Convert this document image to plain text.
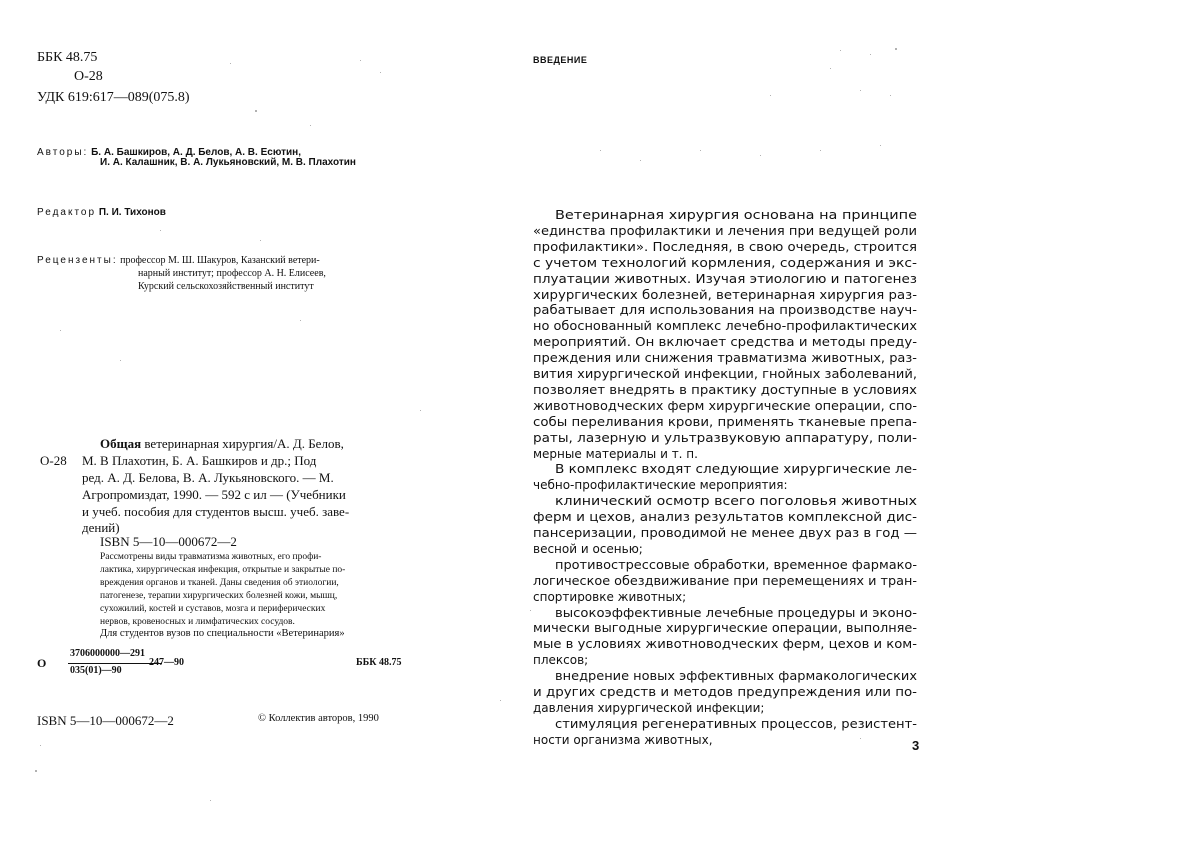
ББК 48.75
О-28
УДК 619:617—089(075.8)
Авторы: Б. А. Башкиров, А. Д. Белов, А. В. Есютин,
И. А. Калашник, В. А. Лукьяновский, М. В. Плахотин
Редактор П. И. Тихонов
Рецензенты: профессор М. Ш. Шакуров, Казанский ветери-
нарный институт; профессор А. Н. Елисеев,
Курский сельскохозяйственный институт
Общая ветеринарная хирургия/А. Д. Белов,
О-28 М. В Плахотин, Б. А. Башкиров и др.; Под
ред. А. Д. Белова, В. А. Лукьяновского. — М.
Агропромиздат, 1990. — 592 с ил — (Учебники
и учеб. пособия для студентов высш. учеб. заве-
дений)
ISBN 5—10—000672—2
Рассмотрены виды травматизма животных, его профи-
лактика, хирургическая инфекция, открытые и закрытые по-
вреждения органов и тканей. Даны сведения об этиологии,
патогенезе, терапии хирургических болезней кожи, мышц,
сухожилий, костей и суставов, мозга и периферических
нервов, кровеносных и лимфатических сосудов.
Для студентов вузов по специальности «Ветеринария»
О
3706000000—291
035(01)—90
247—90	ББК 48.75
ISBN 5—10—000672—2	© Коллектив авторов, 1990
ВВЕДЕНИЕ
Ветеринарная хирургия основана на принципе
«единства профилактики и лечения при ведущей роли
профилактики». Последняя, в свою очередь, строится
с учетом технологий кормления, содержания и экс-
плуатации животных. Изучая этиологию и патогенез
хирургических болезней, ветеринарная хирургия раз-
рабатывает для использования на производстве науч-
но обоснованный комплекс лечебно-профилактических
мероприятий. Он включает средства и методы преду-
преждения или снижения травматизма животных, раз-
вития хирургической инфекции, гнойных заболеваний,
позволяет внедрять в практику доступные в условиях
животноводческих ферм хирургические операции, спо-
собы переливания крови, применять тканевые препа-
раты, лазерную и ультразвуковую аппаратуру, поли-
мерные материалы и т. п.
В комплекс входят следующие хирургические ле-
чебно-профилактические мероприятия:
клинический осмотр всего поголовья животных
ферм и цехов, анализ результатов комплексной дис-
пансеризации, проводимой не менее двух раз в год —
весной и осенью;
противострессовые обработки, временное фармако-
логическое обездвиживание при перемещениях и тран-
спортировке животных;
высокоэффективные лечебные процедуры и эконо-
мически выгодные хирургические операции, выполняе-
мые в условиях животноводческих ферм, цехов и ком-
плексов;
внедрение новых эффективных фармакологических
и других средств и методов предупреждения или по-
давления хирургической инфекции;
стимуляция регенеративных процессов, резистент-
ности организма животных,	3
